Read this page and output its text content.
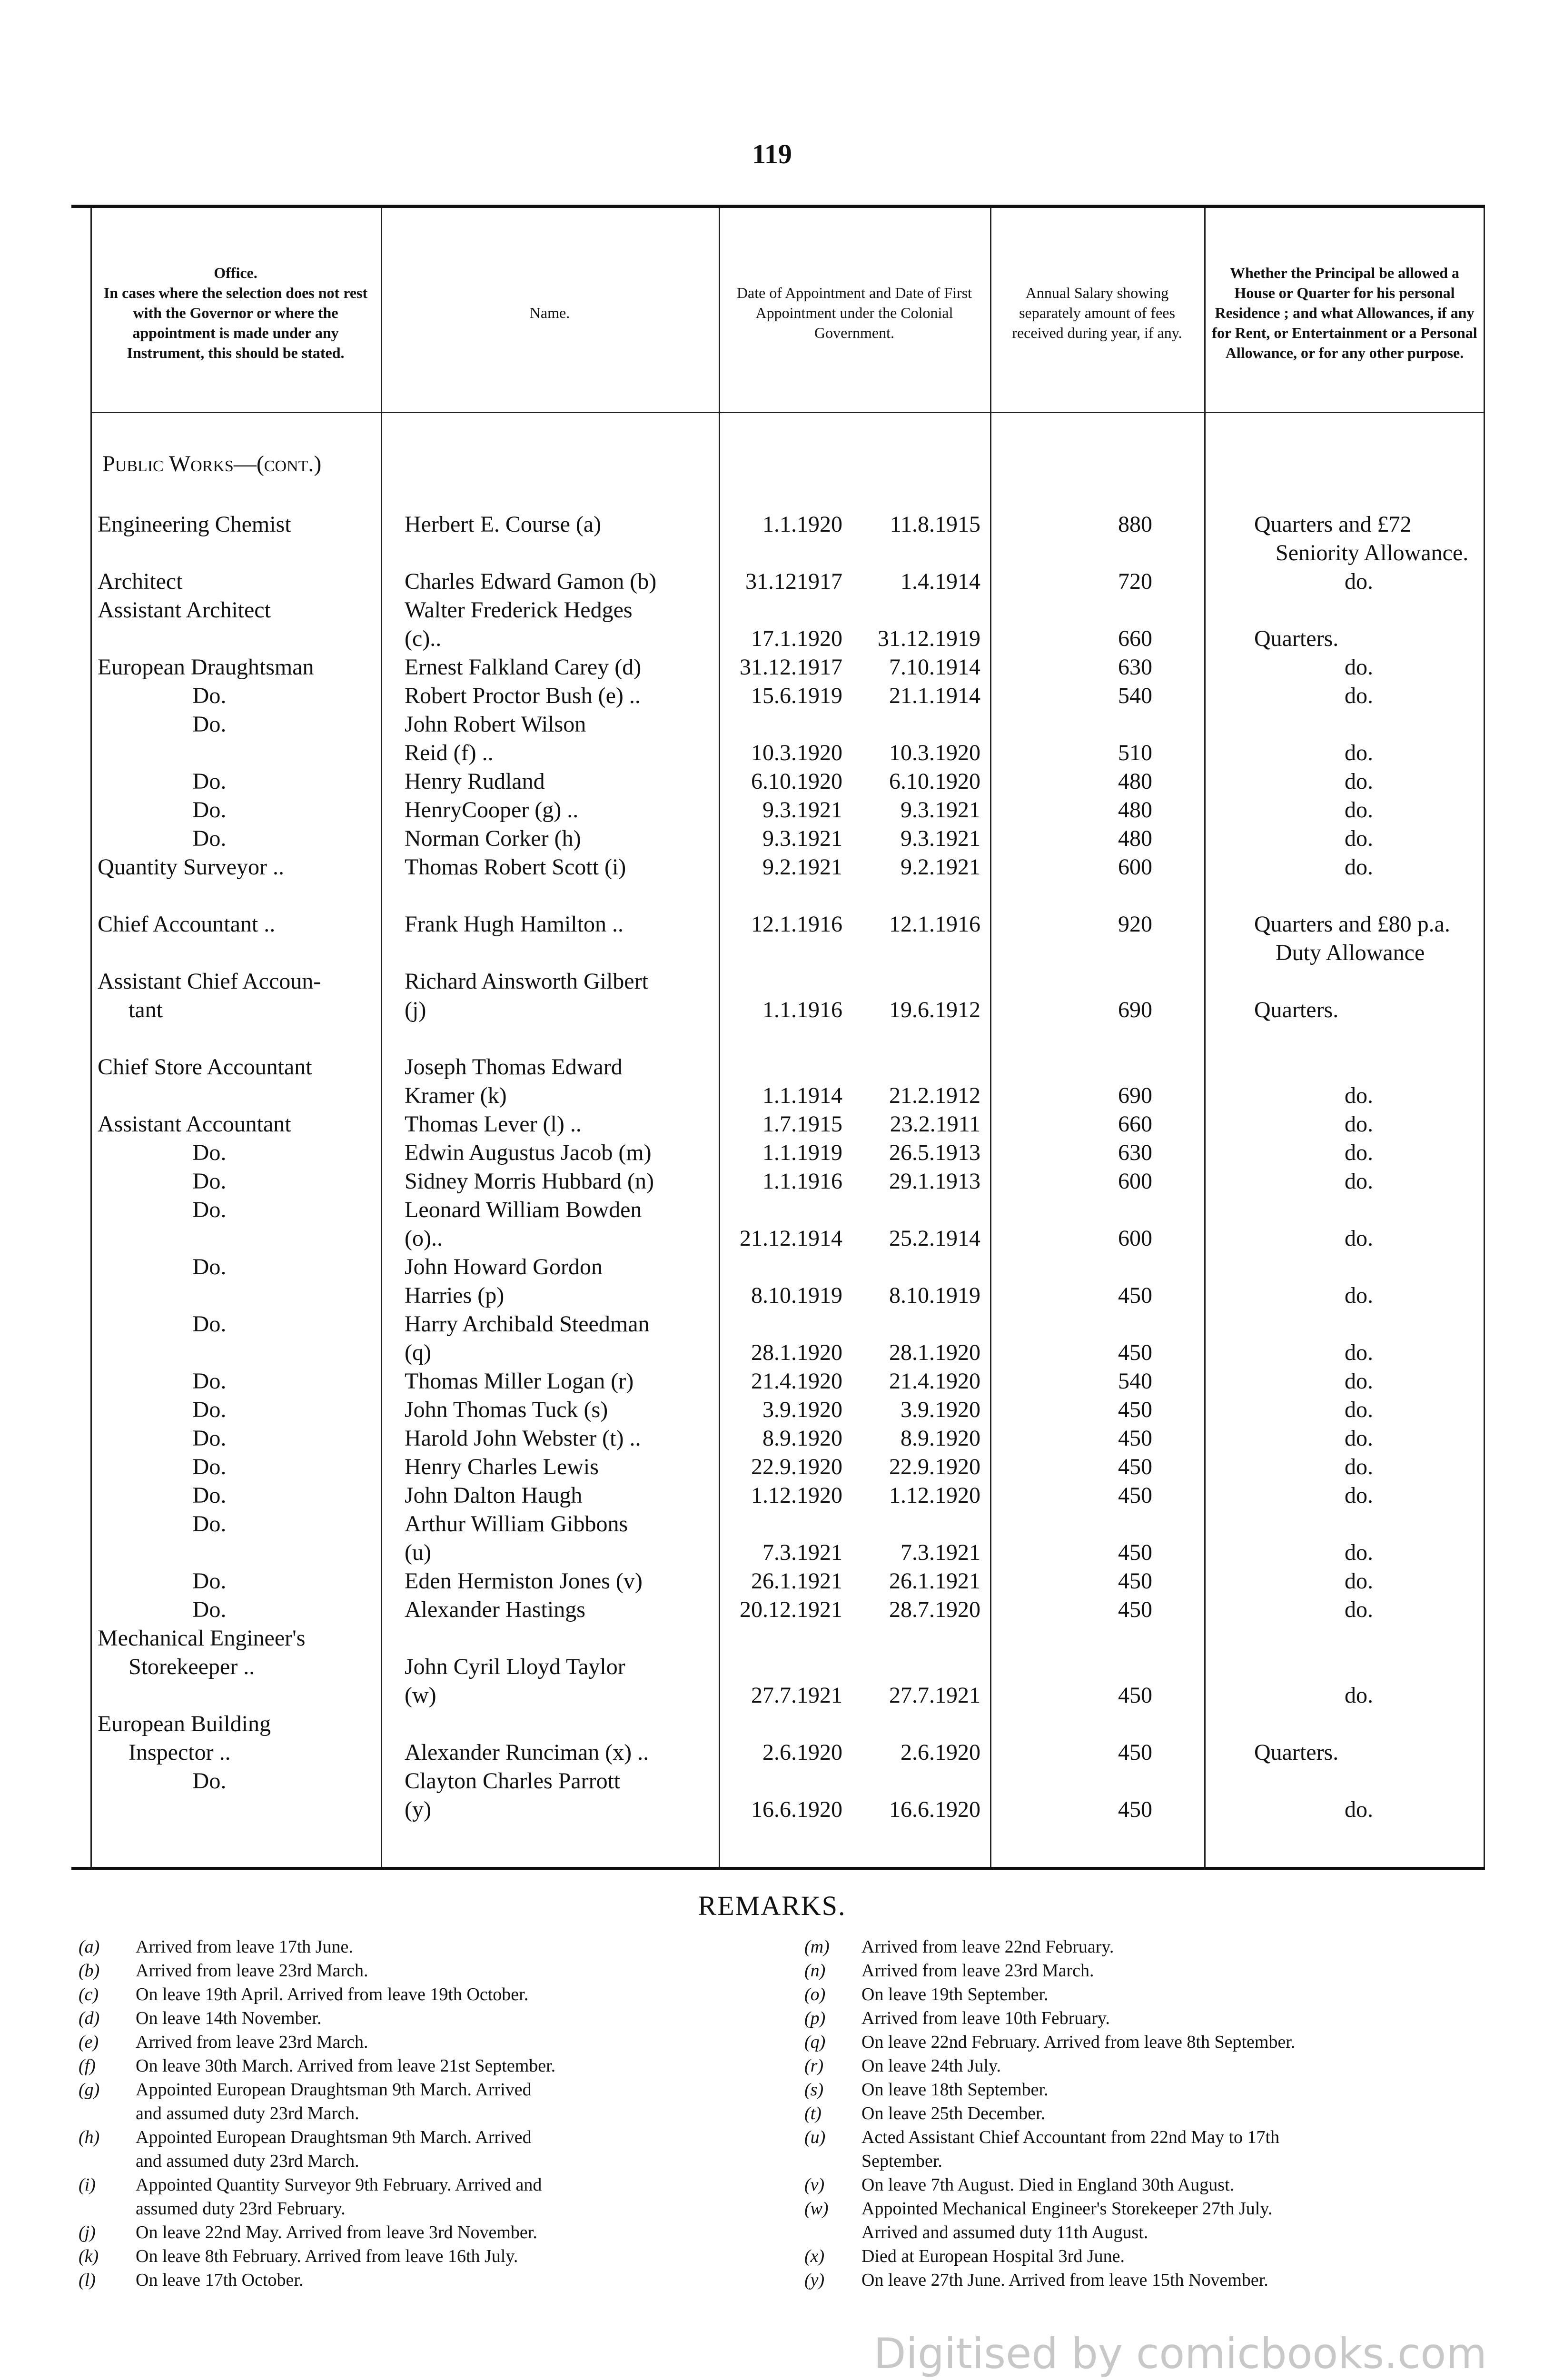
119
Office.
In cases where the selection does not rest with the Governor or where the appointment is made under any Instrument, this should be stated.
Name.
Date of Appointment and Date of First Appointment under the Colonial Government.
Annual Salary showing separately amount of fees received during year, if any.
Whether the Principal be allowed a House or Quarter for his personal Residence ; and what Allowances, if any for Rent, or Entertainment or a Personal Allowance, or for any other purpose.
Public Works—(cont.)
Engineering Chemist	Herbert E. Course (a)	1.1.1920	11.8.1915	880	Quarters and £72
Seniority Allowance.
Architect	Charles Edward Gamon (b)	31.121917	1.4.1914	720	do.
Assistant Architect	Walter Frederick Hedges
(c)..	17.1.1920	31.12.1919	660	Quarters.
European Draughtsman	Ernest Falkland Carey (d)	31.12.1917	7.10.1914	630	do.
Do.	Robert Proctor Bush (e) ..	15.6.1919	21.1.1914	540	do.
Do.	John Robert Wilson
Reid (f) ..	10.3.1920	10.3.1920	510	do.
Do.	Henry Rudland	6.10.1920	6.10.1920	480	do.
Do.	HenryCooper (g) ..	9.3.1921	9.3.1921	480	do.
Do.	Norman Corker (h)	9.3.1921	9.3.1921	480	do.
Quantity Surveyor ..	Thomas Robert Scott (i)	9.2.1921	9.2.1921	600	do.
Chief Accountant ..	Frank Hugh Hamilton ..	12.1.1916	12.1.1916	920	Quarters and £80 p.a.
Duty Allowance
Assistant Chief Accoun-	Richard Ainsworth Gilbert
tant	(j)	1.1.1916	19.6.1912	690	Quarters.
Chief Store Accountant	Joseph Thomas Edward
Kramer (k)	1.1.1914	21.2.1912	690	do.
Assistant Accountant	Thomas Lever (l) ..	1.7.1915	23.2.1911	660	do.
Do.	Edwin Augustus Jacob (m)	1.1.1919	26.5.1913	630	do.
Do.	Sidney Morris Hubbard (n)	1.1.1916	29.1.1913	600	do.
Do.	Leonard William Bowden
(o)..	21.12.1914	25.2.1914	600	do.
Do.	John Howard Gordon
Harries (p)	8.10.1919	8.10.1919	450	do.
Do.	Harry Archibald Steedman
(q)	28.1.1920	28.1.1920	450	do.
Do.	Thomas Miller Logan (r)	21.4.1920	21.4.1920	540	do.
Do.	John Thomas Tuck (s)	3.9.1920	3.9.1920	450	do.
Do.	Harold John Webster (t) ..	8.9.1920	8.9.1920	450	do.
Do.	Henry Charles Lewis	22.9.1920	22.9.1920	450	do.
Do.	John Dalton Haugh	1.12.1920	1.12.1920	450	do.
Do.	Arthur William Gibbons
(u)	7.3.1921	7.3.1921	450	do.
Do.	Eden Hermiston Jones (v)	26.1.1921	26.1.1921	450	do.
Do.	Alexander Hastings	20.12.1921	28.7.1920	450	do.
Mechanical Engineer's
Storekeeper ..	John Cyril Lloyd Taylor
(w)	27.7.1921	27.7.1921	450	do.
European Building
Inspector ..	Alexander Runciman (x) ..	2.6.1920	2.6.1920	450	Quarters.
Do.	Clayton Charles Parrott
(y)	16.6.1920	16.6.1920	450	do.
REMARKS.
(a)	Arrived from leave 17th June.
(b)	Arrived from leave 23rd March.
(c)	On leave 19th April. Arrived from leave 19th October.
(d)	On leave 14th November.
(e)	Arrived from leave 23rd March.
(f)	On leave 30th March. Arrived from leave 21st September.
(g)	Appointed European Draughtsman 9th March. Arrived
and assumed duty 23rd March.
(h)	Appointed European Draughtsman 9th March. Arrived
and assumed duty 23rd March.
(i)	Appointed Quantity Surveyor 9th February. Arrived and
assumed duty 23rd February.
(j)	On leave 22nd May. Arrived from leave 3rd November.
(k)	On leave 8th February. Arrived from leave 16th July.
(l)	On leave 17th October.
(m)	Arrived from leave 22nd February.
(n)	Arrived from leave 23rd March.
(o)	On leave 19th September.
(p)	Arrived from leave 10th February.
(q)	On leave 22nd February. Arrived from leave 8th September.
(r)	On leave 24th July.
(s)	On leave 18th September.
(t)	On leave 25th December.
(u)	Acted Assistant Chief Accountant from 22nd May to 17th
September.
(v)	On leave 7th August. Died in England 30th August.
(w)	Appointed Mechanical Engineer's Storekeeper 27th July.
Arrived and assumed duty 11th August.
(x)	Died at European Hospital 3rd June.
(y)	On leave 27th June. Arrived from leave 15th November.
Digitised by comicbooks.com
